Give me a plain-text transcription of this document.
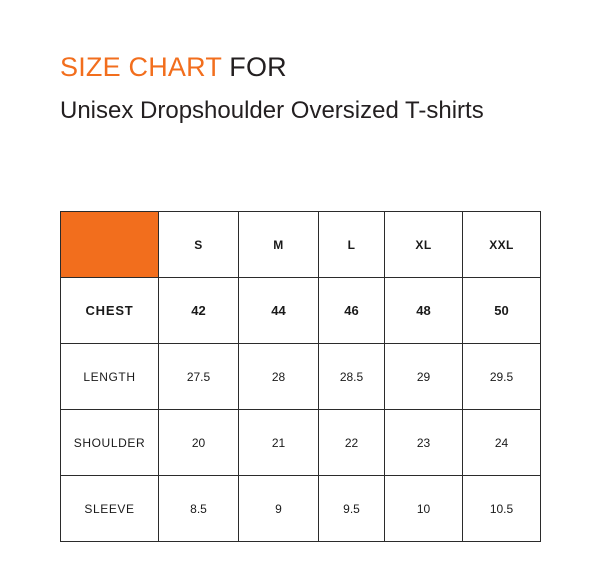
SIZE CHART FOR
Unisex Dropshoulder Oversized T-shirts
	S	M	L	XL	XXL
CHEST	42	44	46	48	50
LENGTH	27.5	28	28.5	29	29.5
SHOULDER	20	21	22	23	24
SLEEVE	8.5	9	9.5	10	10.5
